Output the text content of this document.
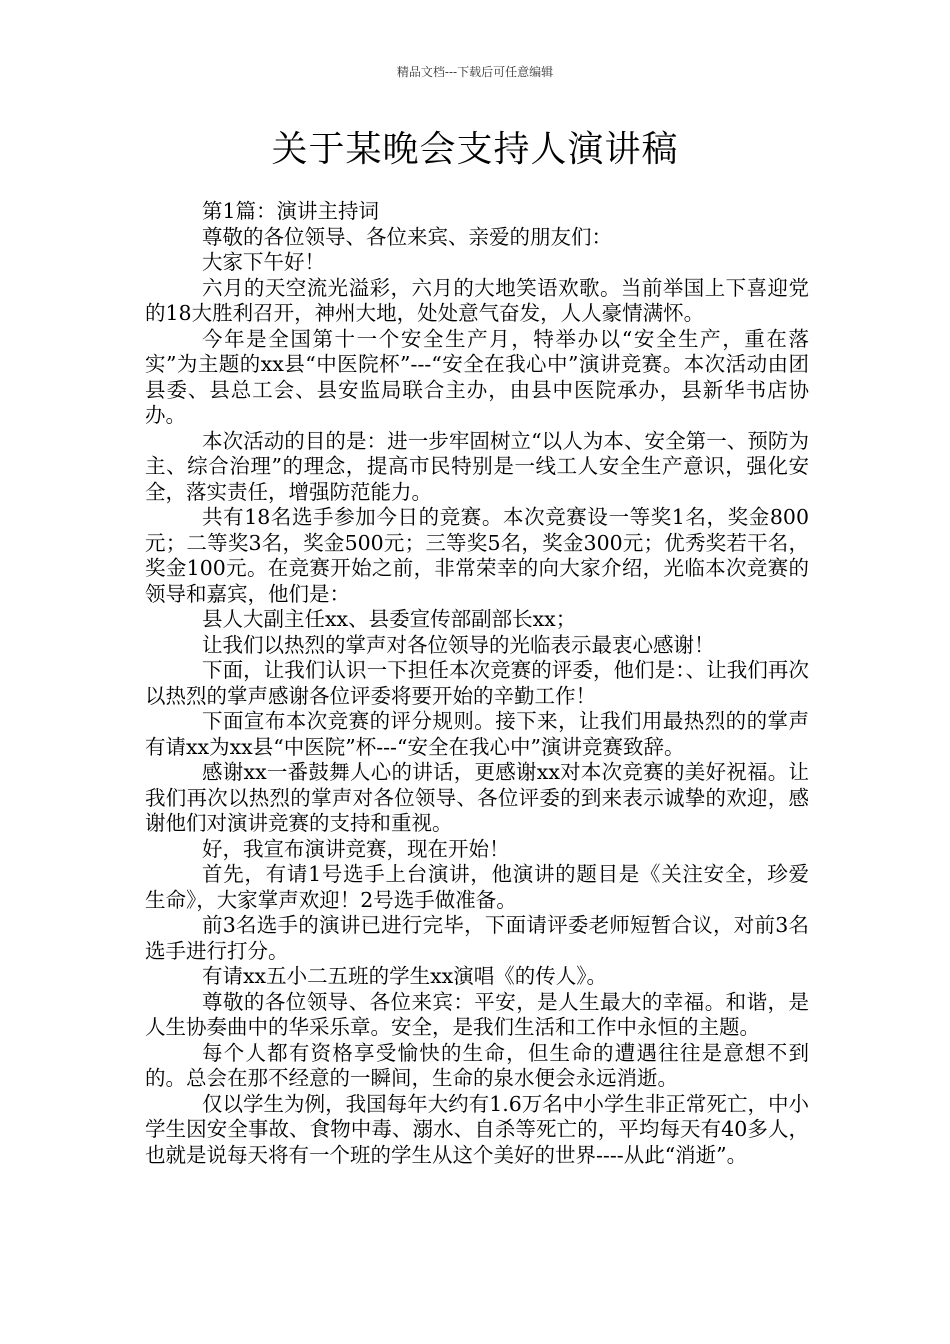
精品文档---下载后可任意编辑
关于某晚会支持人演讲稿

第1篇：演讲主持词

尊敬的各位领导、各位来宾、亲爱的朋友们：

大家下午好！

六月的天空流光溢彩，六月的大地笑语欢歌。当前举国上下喜迎党的18大胜利召开，神州大地，处处意气奋发，人人豪情满怀。

今年是全国第十一个安全生产月，特举办以“安全生产，重在落实”为主题的xx县“中医院杯”---“安全在我心中”演讲竞赛。本次活动由团县委、县总工会、县安监局联合主办，由县中医院承办，县新华书店协办。

本次活动的目的是：进一步牢固树立“以人为本、安全第一、预防为主、综合治理”的理念，提高市民特别是一线工人安全生产意识，强化安全，落实责任，增强防范能力。

共有18名选手参加今日的竞赛。本次竞赛设一等奖1名，奖金800元；二等奖3名，奖金500元；三等奖5名，奖金300元；优秀奖若干名，奖金100元。在竞赛开始之前，非常荣幸的向大家介绍，光临本次竞赛的领导和嘉宾，他们是：

县人大副主任xx、县委宣传部副部长xx；

让我们以热烈的掌声对各位领导的光临表示最衷心感谢！

下面，让我们认识一下担任本次竞赛的评委，他们是：、让我们再次以热烈的掌声感谢各位评委将要开始的辛勤工作！

下面宣布本次竞赛的评分规则。接下来，让我们用最热烈的的掌声有请xx为xx县“中医院”杯---“安全在我心中”演讲竞赛致辞。

感谢xx一番鼓舞人心的讲话，更感谢xx对本次竞赛的美好祝福。让我们再次以热烈的掌声对各位领导、各位评委的到来表示诚挚的欢迎，感谢他们对演讲竞赛的支持和重视。

好，我宣布演讲竞赛，现在开始！

首先，有请1号选手上台演讲，他演讲的题目是《关注安全，珍爱生命》，大家掌声欢迎！2号选手做准备。

前3名选手的演讲已进行完毕，下面请评委老师短暂合议，对前3名选手进行打分。

有请xx五小二五班的学生xx演唱《的传人》。

尊敬的各位领导、各位来宾：平安，是人生最大的幸福。和谐，是人生协奏曲中的华采乐章。安全，是我们生活和工作中永恒的主题。

每个人都有资格享受愉快的生命，但生命的遭遇往往是意想不到的。总会在那不经意的一瞬间，生命的泉水便会永远消逝。

仅以学生为例，我国每年大约有1.6万名中小学生非正常死亡，中小学生因安全事故、食物中毒、溺水、自杀等死亡的，平均每天有40多人，也就是说每天将有一个班的学生从这个美好的世界----从此“消逝”。
